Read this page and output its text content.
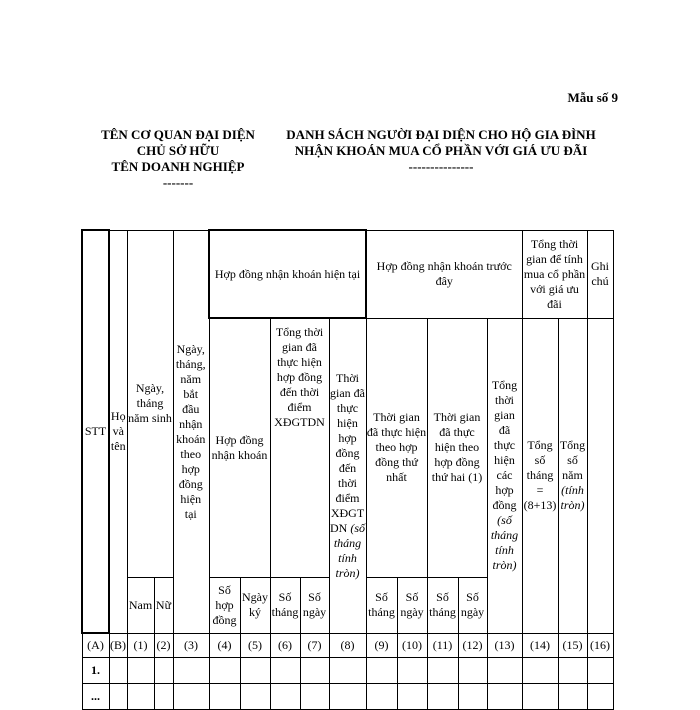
Mẫu số 9
TÊN CƠ QUAN ĐẠI DIỆN
CHỦ SỞ HỮU
TÊN DOANH NGHIỆP
-------
DANH SÁCH NGƯỜI ĐẠI DIỆN CHO HỘ GIA ĐÌNH
NHẬN KHOÁN MUA CỔ PHẦN VỚI GIÁ ƯU ĐÃI
---------------
STT	Họ và tên	Ngày, tháng năm sinh		Ngày, tháng, năm bắt đầu nhận khoán theo hợp đồng hiện tại	Hợp đồng nhận khoán hiện tại					Hợp đồng nhận khoán trước đây					Tổng thời gian để tính mua cổ phần với giá ưu đãi		Ghi chú
					Hợp đồng nhận khoán		Tổng thời gian đã thực hiện hợp đồng đến thời điểm XĐGTDN		Thời gian đã thực hiện hợp đồng đến thời điểm XĐGT DN (số tháng tính tròn)	Thời gian đã thực hiện theo hợp đồng thứ nhất		Thời gian đã thực hiện theo hợp đồng thứ hai (1)		Tổng thời gian đã thực hiện các hợp đồng (số tháng tính tròn)	Tổng số tháng = (8+13)	Tổng số năm (tính tròn)	
		Nam	Nữ		Số hợp đồng	Ngày ký	Số tháng	Số ngày		Số tháng	Số ngày	Số tháng	Số ngày				
(A)	(B)	(1)	(2)	(3)	(4)	(5)	(6)	(7)	(8)	(9)	(10)	(11)	(12)	(13)	(14)	(15)	(16)
1.																	
...																	
